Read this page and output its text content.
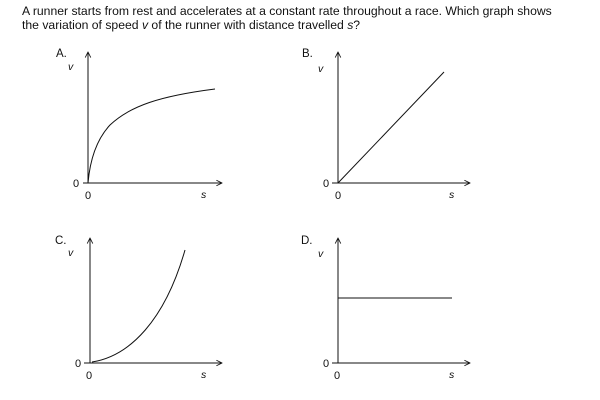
A runner starts from rest and accelerates at a constant rate throughout a race. Which graph shows

the variation of speed v of the runner with distance travelled s?

A.
v
0
0	s
B.
v
0
0	s
C.
v
0
0	s
D.
v
0
0	s
